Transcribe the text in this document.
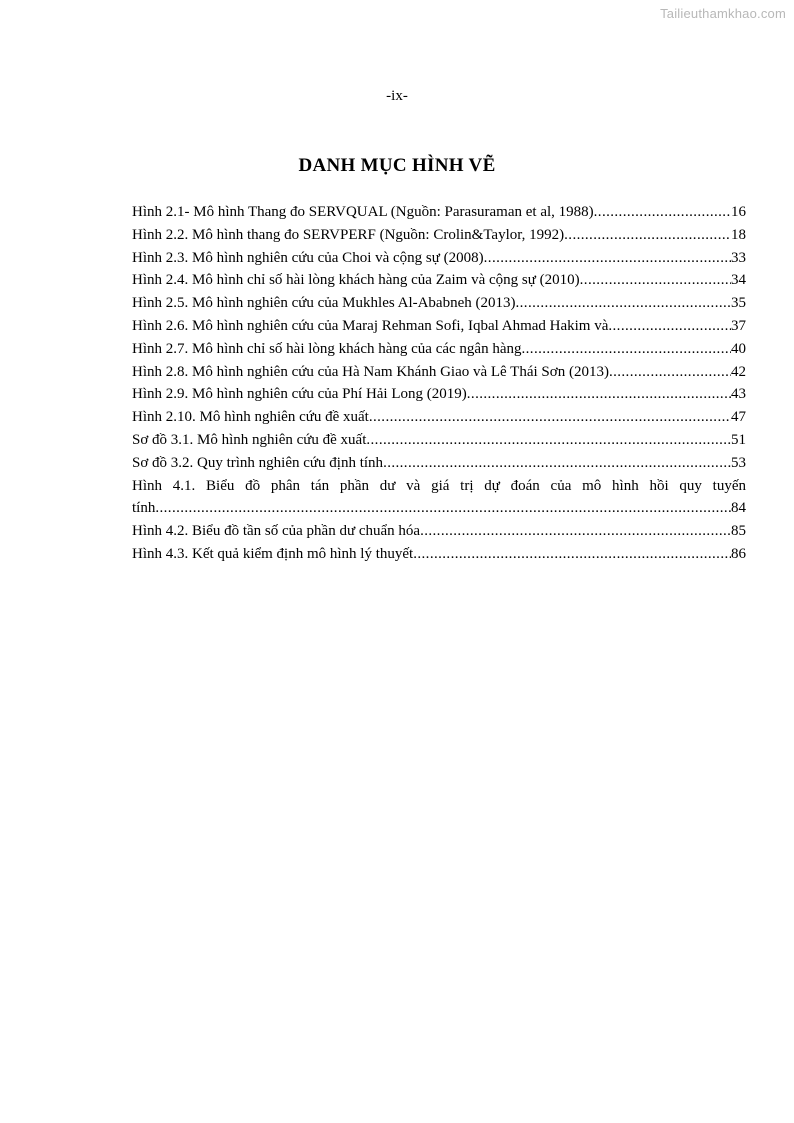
Tailieuthamkhao.com
-ix-
DANH MỤC HÌNH VẼ
Hình 2.1- Mô hình Thang đo SERVQUAL (Nguồn: Parasuraman et al, 1988) .....	16
Hình 2.2. Mô hình thang đo SERVPERF (Nguồn: Crolin&Taylor, 1992) .....	18
Hình 2.3. Mô hình nghiên cứu của Choi và cộng sự (2008) .....	33
Hình 2.4. Mô hình chỉ số hài lòng khách hàng của Zaim và cộng sự (2010) .....	34
Hình 2.5. Mô hình nghiên cứu của Mukhles Al-Ababneh (2013) .....	35
Hình 2.6. Mô hình nghiên cứu của Maraj Rehman Sofi, Iqbal Ahmad Hakim và .....	37
Hình 2.7. Mô hình chỉ số hài lòng khách hàng của các ngân hàng .....	40
Hình 2.8. Mô hình nghiên cứu của Hà Nam Khánh Giao và Lê Thái Sơn (2013) .....	42
Hình 2.9. Mô hình nghiên cứu của Phí Hải Long (2019) .....	43
Hình 2.10. Mô hình nghiên cứu đề xuất .....	47
Sơ đồ 3.1. Mô hình nghiên cứu đề xuất .....	51
Sơ đồ 3.2. Quy trình nghiên cứu định tính .....	53
Hình 4.1. Biểu đồ phân tán phần dư và giá trị dự đoán của mô hình hồi quy tuyến
tính .....	84
Hình 4.2. Biểu đồ tần số của phần dư chuẩn hóa .....	85
Hình 4.3. Kết quả kiểm định mô hình lý thuyết .....	86
